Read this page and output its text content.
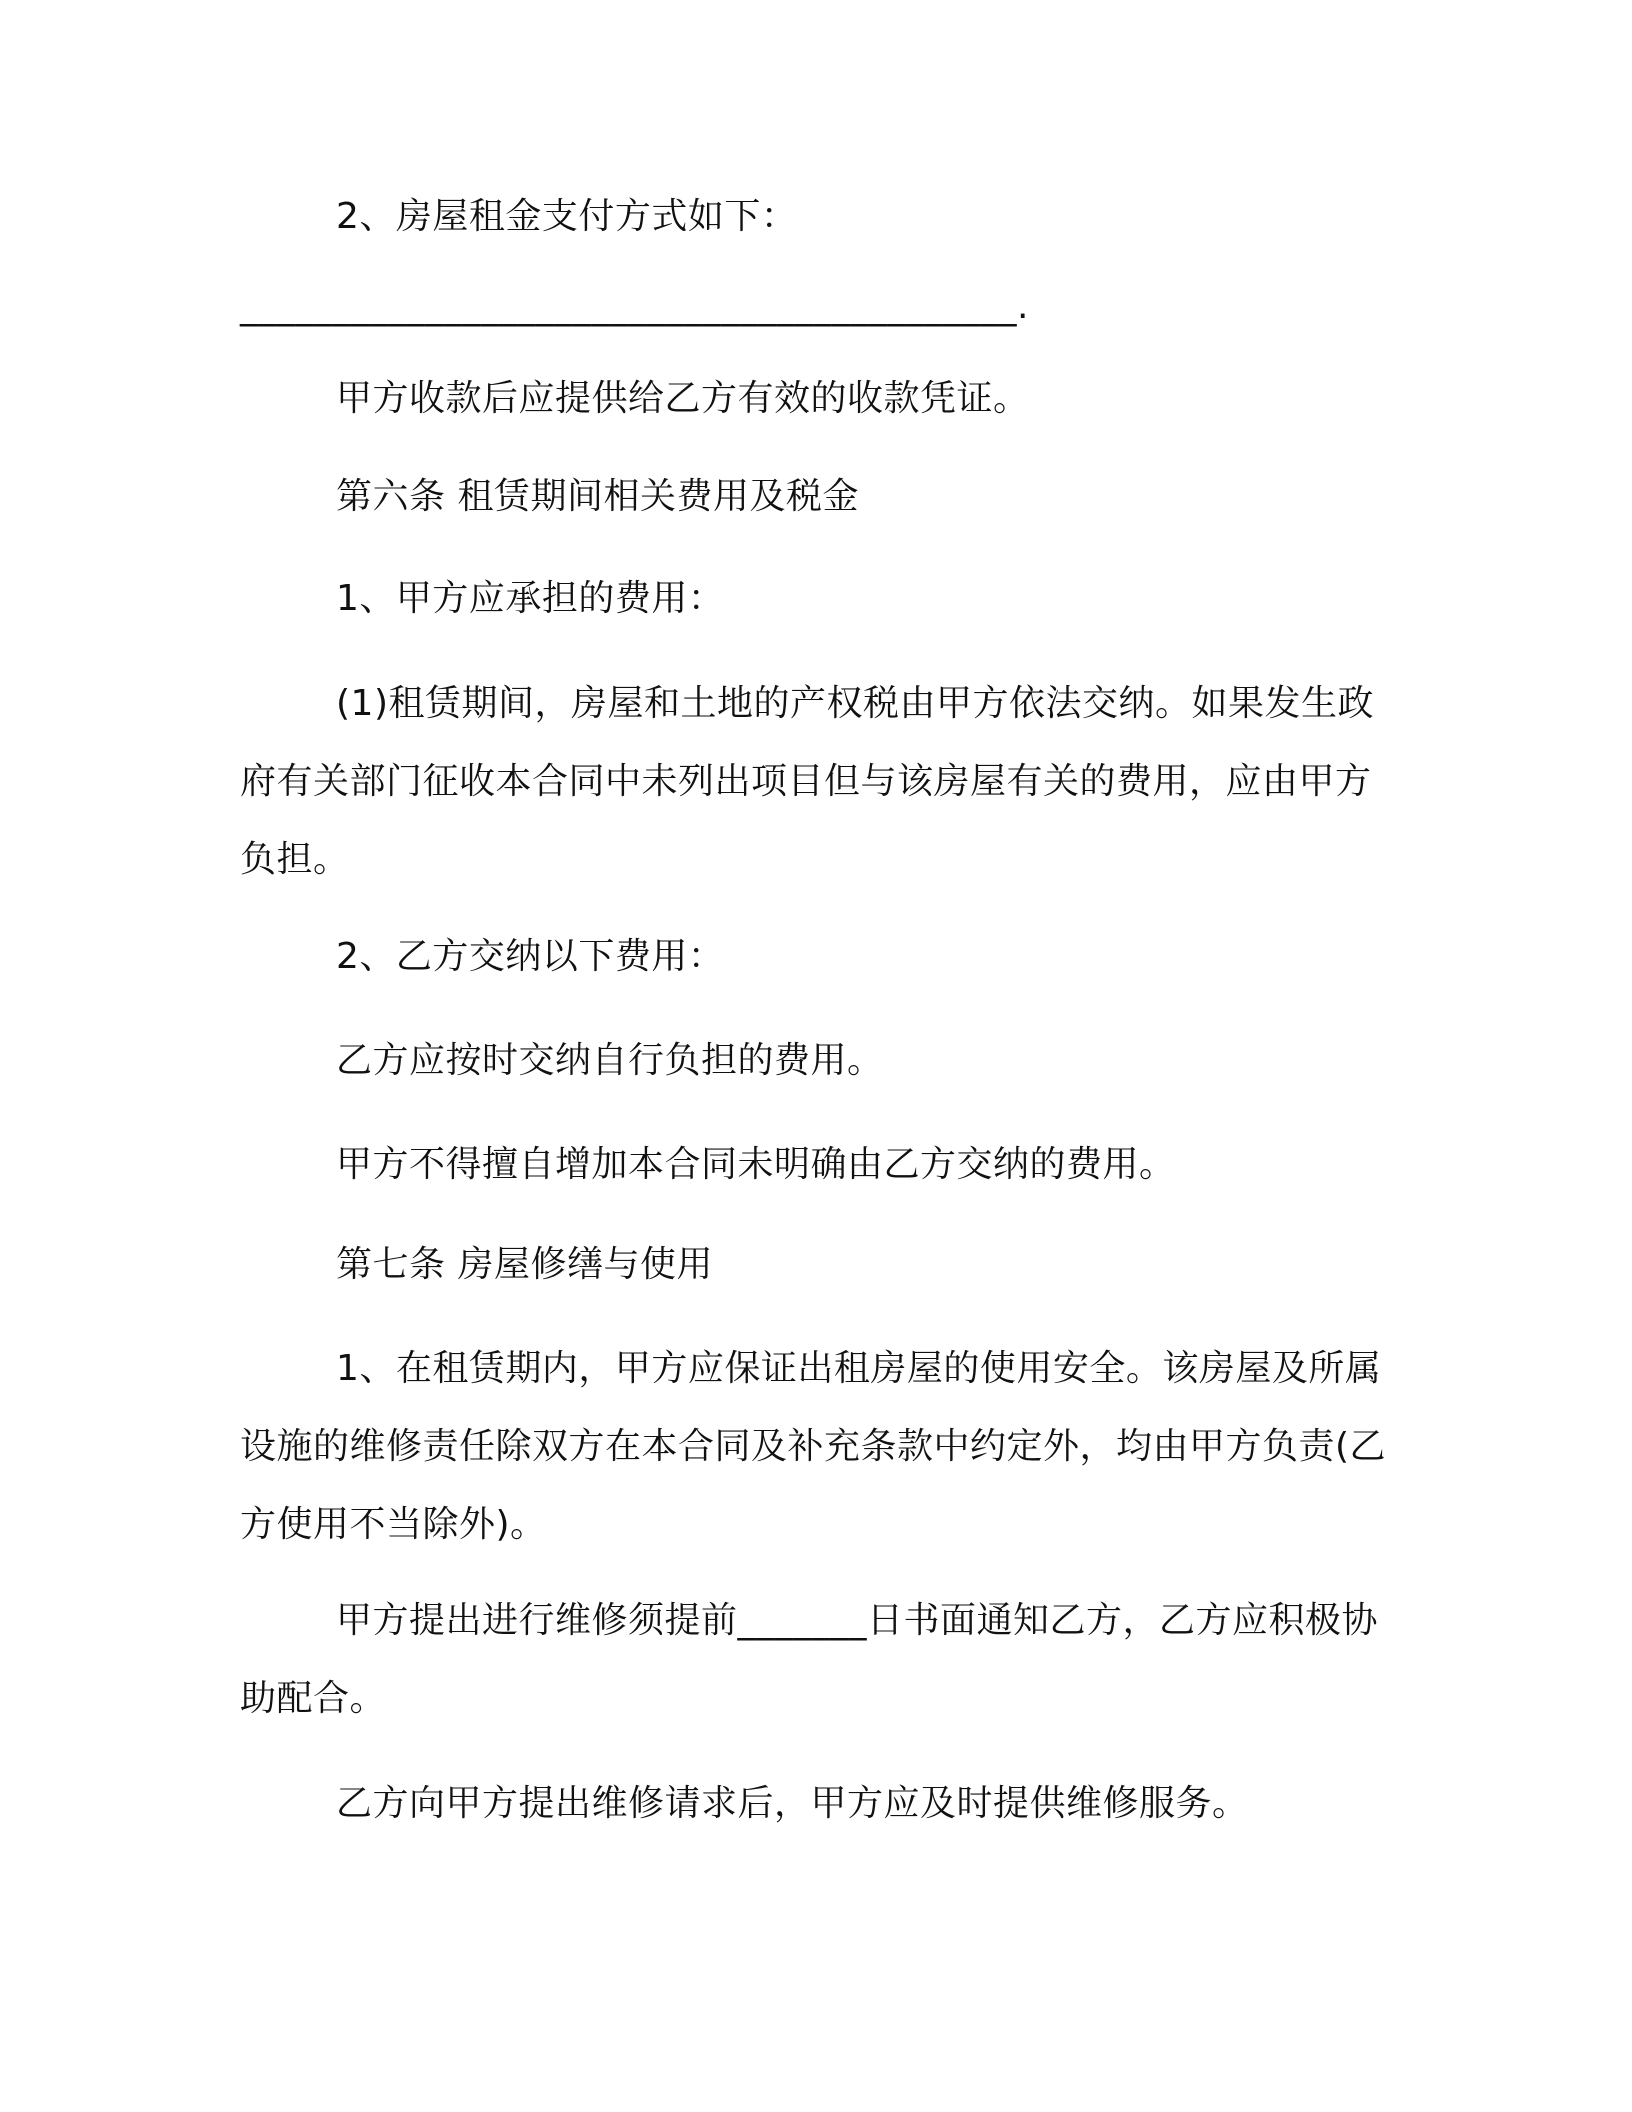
2、房屋租金支付方式如下：

__________________________________________.

甲方收款后应提供给乙方有效的收款凭证。

第六条 租赁期间相关费用及税金

1、甲方应承担的费用：

(1)租赁期间，房屋和土地的产权税由甲方依法交纳。如果发生政府有关部门征收本合同中未列出项目但与该房屋有关的费用，应由甲方负担。

2、乙方交纳以下费用：

乙方应按时交纳自行负担的费用。

甲方不得擅自增加本合同未明确由乙方交纳的费用。

第七条 房屋修缮与使用

1、在租赁期内，甲方应保证出租房屋的使用安全。该房屋及所属设施的维修责任除双方在本合同及补充条款中约定外，均由甲方负责(乙方使用不当除外)。

甲方提出进行维修须提前_______日书面通知乙方，乙方应积极协助配合。

乙方向甲方提出维修请求后，甲方应及时提供维修服务。
